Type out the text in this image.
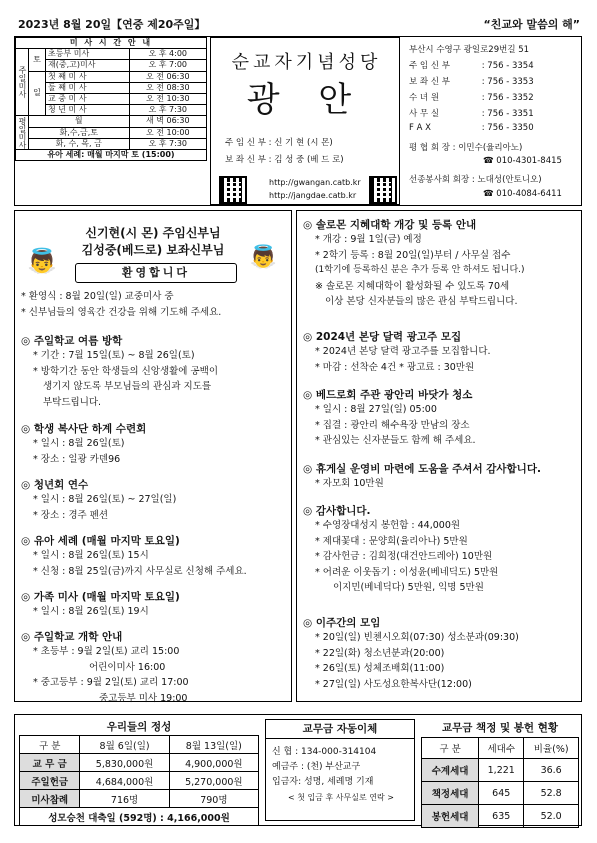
2023년 8월 20일【연중 제20주일】	“친교와 말씀의 해”
미 사 시 간 안 내			
주일미사	토	초등부 미사	오 후 4:00
		재(중,고)미사	오 후 7:00
	일	첫 째 미 사	오 전 06:30
		둘 째 미 사	오 전 08:30
		교 중 미 사	오 전 10:30
		청 년 미 사	오 후 7:30
평일미사	월		새 벽 06:30
	화,수,금,토		오 전 10:00
	화, 수, 목, 금		오 후 7:30
유아 세례: 매월 마지막 토 (15:00)			
순교자기념성당
광 안
주 임 신 부 : 신 기 현 (시 몬)
보 좌 신 부 : 김 성 중 (베 드 로)
http://gwangan.catb.kr
http://jangdae.catb.kr
부산시 수영구 광일로29번길 51
주 임 신 부	: 756 - 3354
보 좌 신 부	: 756 - 3353
수 녀 원	: 756 - 3352
사 무 실	: 756 - 3351
F A X	: 756 - 3350
평 협 회 장 : 이민수(율리아노)
☎ 010-4301-8415
선종봉사회 회장 : 노대성(안토니오)
☎ 010-4084-6411
신기현(시 몬) 주임신부님
김성중(베드로) 보좌신부님
환영합니다
👼	👼
* 환영식 : 8월 20일(일) 교중미사 중
* 신부님들의 영육간 건강을 위해 기도해 주세요.
◎ 주일학교 여름 방학
* 기간 : 7월 15일(토) ~ 8월 26일(토)
* 방학기간 동안 학생들의 신앙생활에 공백이
생기지 않도록 부모님들의 관심과 지도를
부탁드립니다.
◎ 학생 복사단 하계 수련회
* 일시 : 8월 26일(토)
* 장소 : 일광 카덴96
◎ 청년회 연수
* 일시 : 8월 26일(토) ~ 27일(일)
* 장소 : 경주 펜션
◎ 유아 세례 (매월 마지막 토요일)
* 일시 : 8월 26일(토) 15시
* 신청 : 8월 25일(금)까지 사무실로 신청해 주세요.
◎ 가족 미사 (매월 마지막 토요일)
* 일시 : 8월 26일(토) 19시
◎ 주일학교 개학 안내
* 초등부 : 9월 2일(토) 교리 15:00
어린이미사 16:00
* 중고등부 : 9월 2일(토) 교리 17:00
중고등부 미사 19:00
◎ 솔로몬 지혜대학 개강 및 등록 안내
* 개강 : 9월 1일(금) 예정
* 2학기 등록 : 8월 20일(일)부터 / 사무실 접수
(1학기에 등록하신 분은 추가 등록 안 하셔도 됩니다.)
※ 솔로몬 지혜대학이 활성화될 수 있도록 70세
이상 본당 신자분들의 많은 관심 부탁드립니다.
◎ 2024년 본당 달력 광고주 모집
* 2024년 본당 달력 광고주를 모집합니다.
* 마감 : 선착순 4건 * 광고료 : 30만원
◎ 베드로회 주관 광안리 바닷가 청소
* 일시 : 8월 27일(일) 05:00
* 집결 : 광안리 해수욕장 만남의 장소
* 관심있는 신자분들도 함께 해 주세요.
◎ 휴게실 운영비 마련에 도움을 주셔서 감사합니다.
* 자모회 10만원
◎ 감사합니다.
* 수영장대성지 봉헌함 : 44,000원
* 제대꽃대 : 문양희(율리아나) 5만원
* 감사헌금 : 김희정(대건안드레아) 10만원
* 어려운 이웃돕기 : 이성윤(베네딕도) 5만원
이지민(베네딕다) 5만원, 익명 5만원
◎ 이주간의 모임
* 20일(일) 빈첸시오회(07:30) 성소분과(09:30)
* 22일(화) 청소년분과(20:00)
* 26일(토) 성체조배회(11:00)
* 27일(일) 사도성요한복사단(12:00)
우리들의 정성
구 분	8월 6일(일)	8월 13일(일)
교 무 금	5,830,000원	4,900,000원
주일헌금	4,684,000원	5,270,000원
미사참례	716명	790명
성모승천 대축일 (592명) : 4,166,000원		
교무금 자동이체
신 협 : 134-000-314104
예금주 : (천) 부산교구
입금자: 성명, 세례명 기재
< 첫 입금 후 사무실로 연락 >
교무금 책정 및 봉헌 현황
구 분	세대수	비율(%)
수계세대	1,221	36.6
책정세대	645	52.8
봉헌세대	635	52.0
